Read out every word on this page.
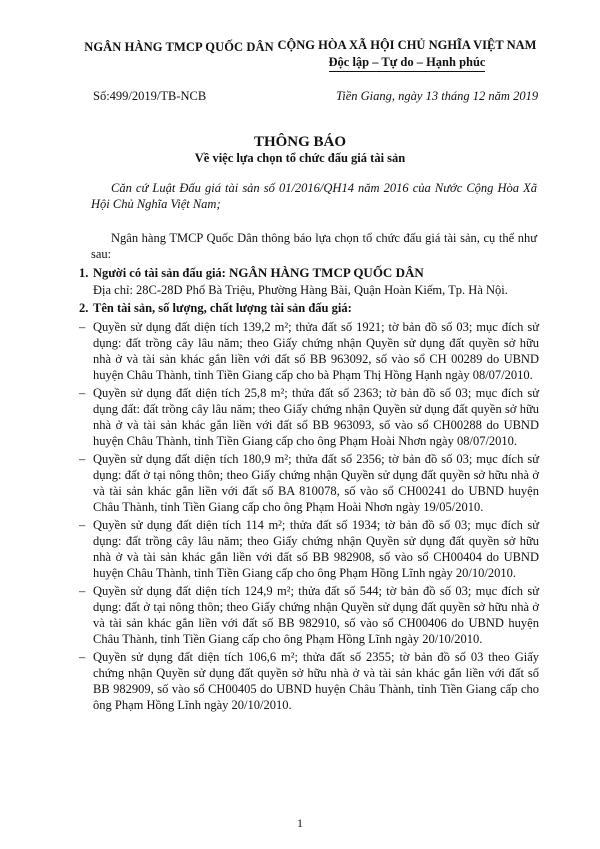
NGÂN HÀNG TMCP QUỐC DÂN CỘNG HÒA XÃ HỘI CHỦ NGHĨA VIỆT NAM
Độc lập – Tự do – Hạnh phúc
Số:499/2019/TB-NCB	Tiền Giang, ngày 13 tháng 12 năm 2019
THÔNG BÁO
Về việc lựa chọn tổ chức đấu giá tài sản
Căn cứ Luật Đấu giá tài sản số 01/2016/QH14 năm 2016 của Nước Cộng Hòa Xã Hội Chủ Nghĩa Việt Nam;
Ngân hàng TMCP Quốc Dân thông báo lựa chọn tổ chức đấu giá tài sản, cụ thể như sau:
1. Người có tài sản đấu giá: NGÂN HÀNG TMCP QUỐC DÂN
Địa chỉ: 28C-28D Phố Bà Triệu, Phường Hàng Bài, Quận Hoàn Kiếm, Tp. Hà Nội.
2. Tên tài sản, số lượng, chất lượng tài sản đấu giá:
– Quyền sử dụng đất diện tích 139,2 m²; thửa đất số 1921; tờ bản đồ số 03; mục đích sử dụng: đất trồng cây lâu năm; theo Giấy chứng nhận Quyền sử dụng đất quyền sở hữu nhà ở và tài sản khác gắn liền với đất số BB 963092, số vào sổ CH 00289 do UBND huyện Châu Thành, tỉnh Tiền Giang cấp cho bà Phạm Thị Hồng Hạnh ngày 08/07/2010.
– Quyền sử dụng đất diện tích 25,8 m²; thửa đất số 2363; tờ bản đồ số 03; mục đích sử dụng đất: đất trồng cây lâu năm; theo Giấy chứng nhận Quyền sử dụng đất quyền sở hữu nhà ở và tài sản khác gắn liền với đất số BB 963093, số vào sổ CH00288 do UBND huyện Châu Thành, tỉnh Tiền Giang cấp cho ông Phạm Hoài Nhơn ngày 08/07/2010.
– Quyền sử dụng đất diện tích 180,9 m²; thửa đất số 2356; tờ bản đồ số 03; mục đích sử dụng: đất ở tại nông thôn; theo Giấy chứng nhận Quyền sử dụng đất quyền sở hữu nhà ở và tài sản khác gắn liền với đất số BA 810078, số vào sổ CH00241 do UBND huyện Châu Thành, tỉnh Tiền Giang cấp cho ông Phạm Hoài Nhơn ngày 19/05/2010.
– Quyền sử dụng đất diện tích 114 m²; thửa đất số 1934; tờ bản đồ số 03; mục đích sử dụng: đất trồng cây lâu năm; theo Giấy chứng nhận Quyền sử dụng đất quyền sở hữu nhà ở và tài sản khác gắn liền với đất số BB 982908, số vào sổ CH00404 do UBND huyện Châu Thành, tỉnh Tiền Giang cấp cho ông Phạm Hồng Lĩnh ngày 20/10/2010.
– Quyền sử dụng đất diện tích 124,9 m²; thửa đất số 544; tờ bản đồ số 03; mục đích sử dụng: đất ở tại nông thôn; theo Giấy chứng nhận Quyền sử dụng đất quyền sở hữu nhà ở và tài sản khác gắn liền với đất số BB 982910, số vào sổ CH00406 do UBND huyện Châu Thành, tỉnh Tiền Giang cấp cho ông Phạm Hồng Lĩnh ngày 20/10/2010.
– Quyền sử dụng đất diện tích 106,6 m²; thửa đất số 2355; tờ bản đồ số 03 theo Giấy chứng nhận Quyền sử dụng đất quyền sở hữu nhà ở và tài sản khác gắn liền với đất số BB 982909, số vào sổ CH00405 do UBND huyện Châu Thành, tỉnh Tiền Giang cấp cho ông Phạm Hồng Lĩnh ngày 20/10/2010.
1
